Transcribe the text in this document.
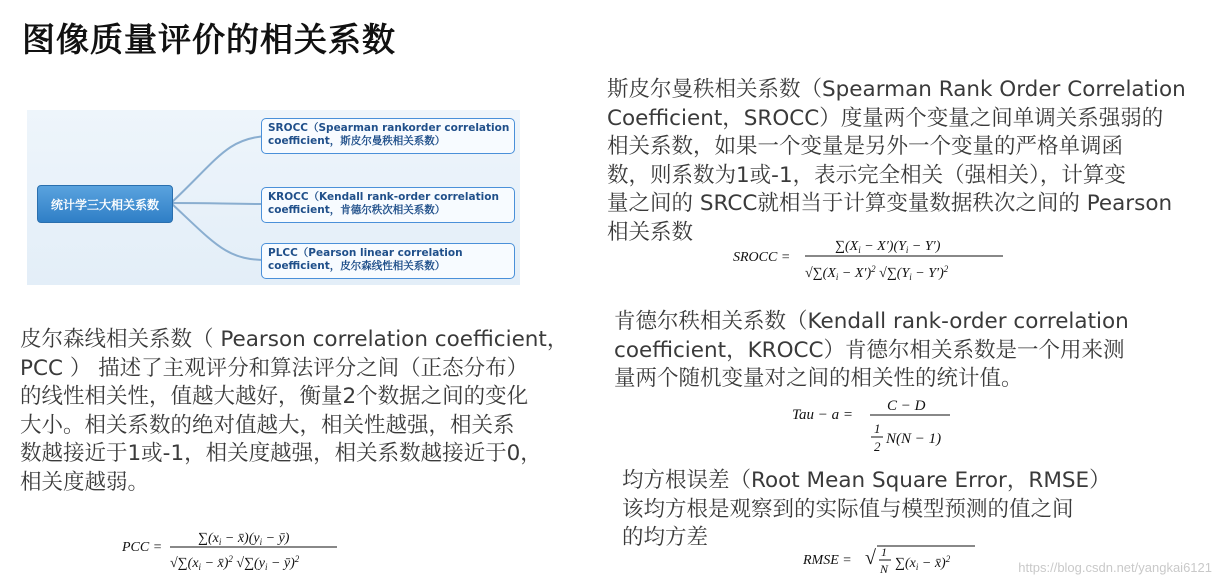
图像质量评价的相关系数
统计学三大相关系数
SROCC（Spearman rankorder correlation
coefficient，斯皮尔曼秩相关系数）
KROCC（Kendall rank-order correlation
coefficient，肯德尔秩次相关系数）
PLCC（Pearson linear correlation
coefficient，皮尔森线性相关系数）
皮尔森线相关系数（ Pearson correlation coefficient，
PCC ） 描述了主观评分和算法评分之间（正态分布）
的线性相关性，值越大越好，衡量2个数据之间的变化
大小。相关系数的绝对值越大，相关性越强，相关系
数越接近于1或-1，相关度越强，相关系数越接近于0，
相关度越弱。
PCC =
$\sum(x_i$ − $x̄)(y_i$ − ȳ)
$√\sum(x_i$ − x̄)$^2$ $√\sum(y_i$ − ȳ)$^2$
斯皮尔曼秩相关系数（Spearman Rank Order Correlation
Coefficient，SROCC）度量两个变量之间单调关系强弱的
相关系数，如果一个变量是另外一个变量的严格单调函
数，则系数为1或-1，表示完全相关（强相关），计算变
量之间的 SRCC就相当于计算变量数据秩次之间的 Pearson
相关系数
SROCC =
$\sum(X_i - X')(Y_i - Y')$
$√\sum(X_i - X')^2$ $√\sum(Y_i - Y')^2$
肯德尔秩相关系数（Kendall rank-order correlation
coefficient，KROCC）肯德尔相关系数是一个用来测
量两个随机变量对之间的相关性的统计值。
Tau − a =
C − D
1
2 N(N − 1)
均方根误差（Root Mean Square Error，RMSE）
该均方根是观察到的实际值与模型预测的值之间
的均方差
RMSE = √ 1
N $\sum(x_i$ − x̄)$^2$
https://blog.csdn.net/yangkai6121
